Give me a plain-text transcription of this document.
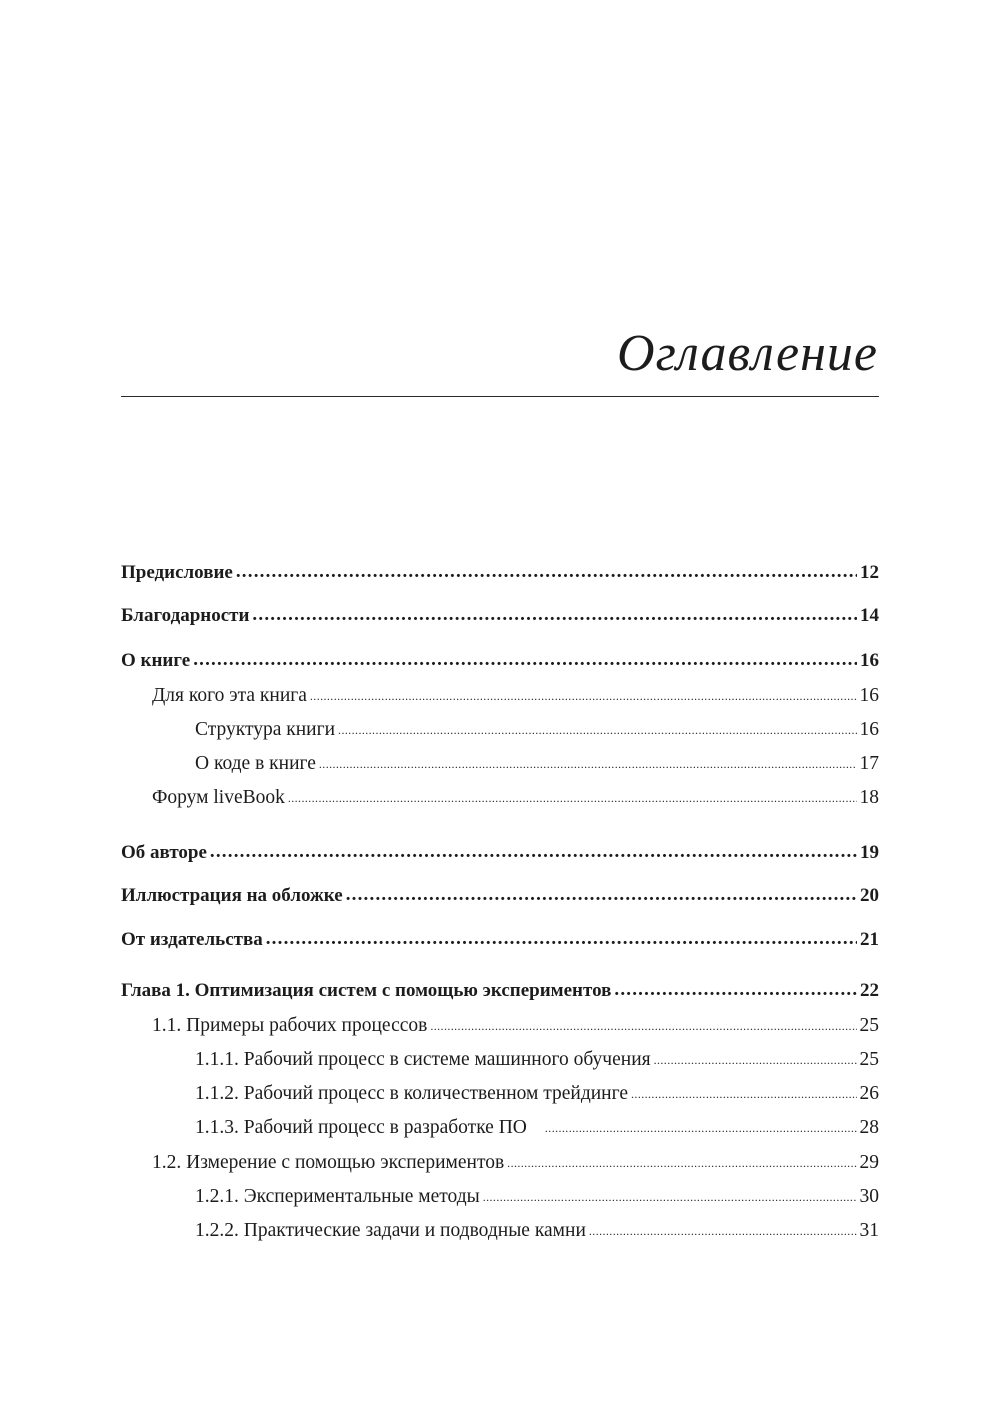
Оглавление
Предисловие .....	12
Благодарности .....	14
О книге .....	16
Для кого эта книга .....	16
Структура книги .....	16
О коде в книге .....	17
Форум liveBook .....	18
Об авторе .....	19
Иллюстрация на обложке .....	20
От издательства .....	21
Глава 1. Оптимизация систем с помощью экспериментов .....	22
1.1. Примеры рабочих процессов .....	25
1.1.1. Рабочий процесс в системе машинного обучения .....	25
1.1.2. Рабочий процесс в количественном трейдинге .....	26
1.1.3. Рабочий процесс в разработке ПО .....	28
1.2. Измерение с помощью экспериментов .....	29
1.2.1. Экспериментальные методы .....	30
1.2.2. Практические задачи и подводные камни .....	31
